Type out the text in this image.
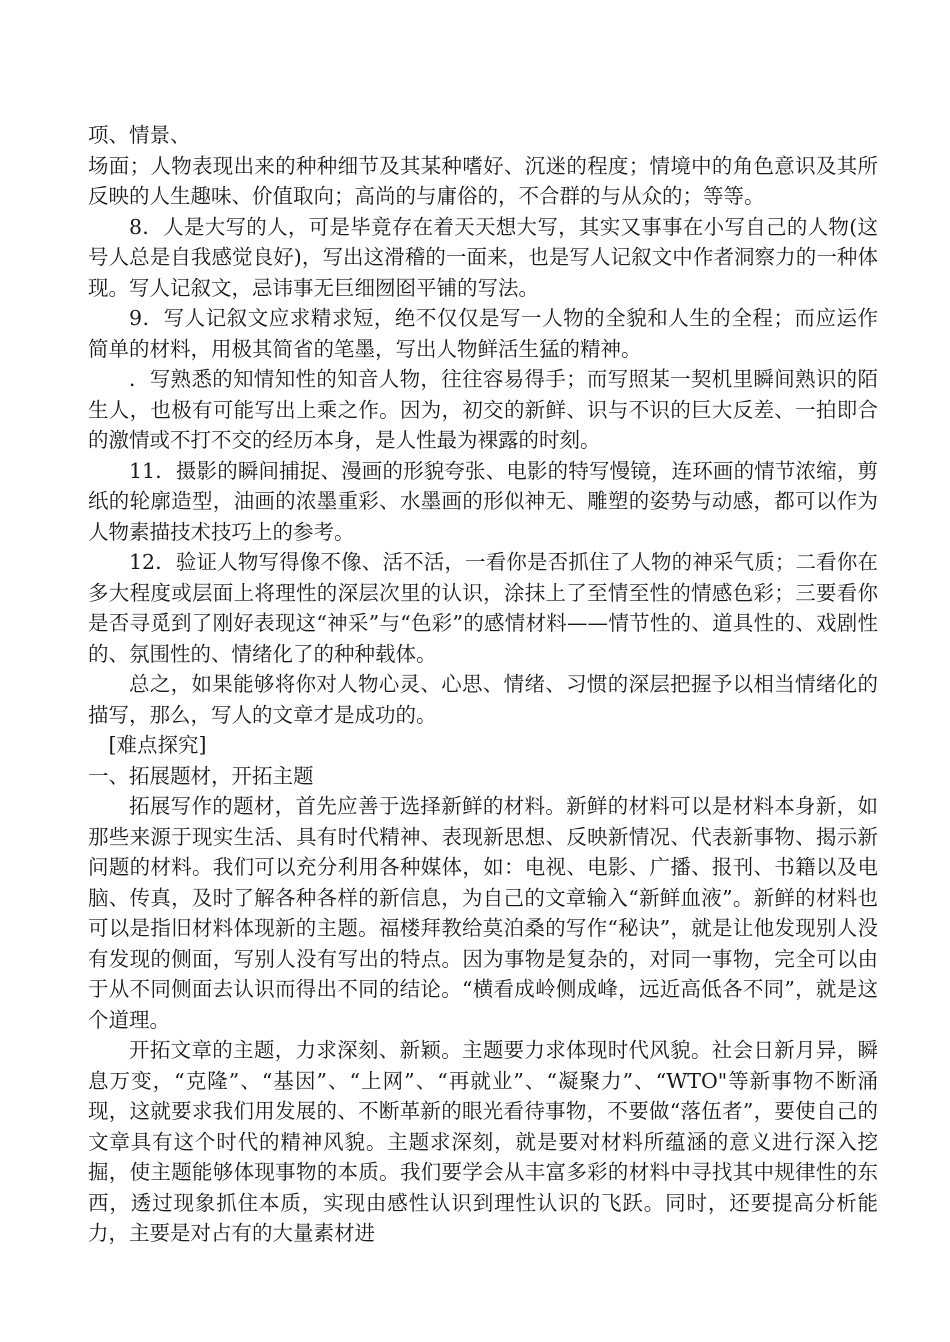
项、情景、

场面；人物表现出来的种种细节及其某种嗜好、沉迷的程度；情境中的角色意识及其所反映的人生趣味、价值取向；高尚的与庸俗的，不合群的与从众的；等等。

8．人是大写的人，可是毕竟存在着天天想大写，其实又事事在小写自己的人物(这号人总是自我感觉良好)，写出这滑稽的一面来，也是写人记叙文中作者洞察力的一种体现。写人记叙文，忌讳事无巨细囫囵平铺的写法。

9．写人记叙文应求精求短，绝不仅仅是写一人物的全貌和人生的全程；而应运作简单的材料，用极其简省的笔墨，写出人物鲜活生猛的精神。

．写熟悉的知情知性的知音人物，往往容易得手；而写照某一契机里瞬间熟识的陌生人，也极有可能写出上乘之作。因为，初交的新鲜、识与不识的巨大反差、一拍即合的激情或不打不交的经历本身，是人性最为裸露的时刻。

11．摄影的瞬间捕捉、漫画的形貌夸张、电影的特写慢镜，连环画的情节浓缩，剪纸的轮廓造型，油画的浓墨重彩、水墨画的形似神无、雕塑的姿势与动感，都可以作为人物素描技术技巧上的参考。

12．验证人物写得像不像、活不活，一看你是否抓住了人物的神采气质；二看你在多大程度或层面上将理性的深层次里的认识，涂抹上了至情至性的情感色彩；三要看你是否寻觅到了刚好表现这“神采”与“色彩”的感情材料——情节性的、道具性的、戏剧性的、氛围性的、情绪化了的种种载体。

总之，如果能够将你对人物心灵、心思、情绪、习惯的深层把握予以相当情绪化的描写，那么，写人的文章才是成功的。

[难点探究]

一、拓展题材，开拓主题

拓展写作的题材，首先应善于选择新鲜的材料。新鲜的材料可以是材料本身新，如那些来源于现实生活、具有时代精神、表现新思想、反映新情况、代表新事物、揭示新问题的材料。我们可以充分利用各种媒体，如：电视、电影、广播、报刊、书籍以及电脑、传真，及时了解各种各样的新信息，为自己的文章输入“新鲜血液”。新鲜的材料也可以是指旧材料体现新的主题。福楼拜教给莫泊桑的写作“秘诀”，就是让他发现别人没有发现的侧面，写别人没有写出的特点。因为事物是复杂的，对同一事物，完全可以由于从不同侧面去认识而得出不同的结论。“横看成岭侧成峰，远近高低各不同”，就是这个道理。

开拓文章的主题，力求深刻、新颖。主题要力求体现时代风貌。社会日新月异，瞬息万变，“克隆”、“基因”、“上网”、“再就业”、“凝聚力”、“WTO"等新事物不断涌现，这就要求我们用发展的、不断革新的眼光看待事物，不要做“落伍者”，要使自己的文章具有这个时代的精神风貌。主题求深刻，就是要对材料所蕴涵的意义进行深入挖掘，使主题能够体现事物的本质。我们要学会从丰富多彩的材料中寻找其中规律性的东西，透过现象抓住本质，实现由感性认识到理性认识的飞跃。同时，还要提高分析能力，主要是对占有的大量素材进
